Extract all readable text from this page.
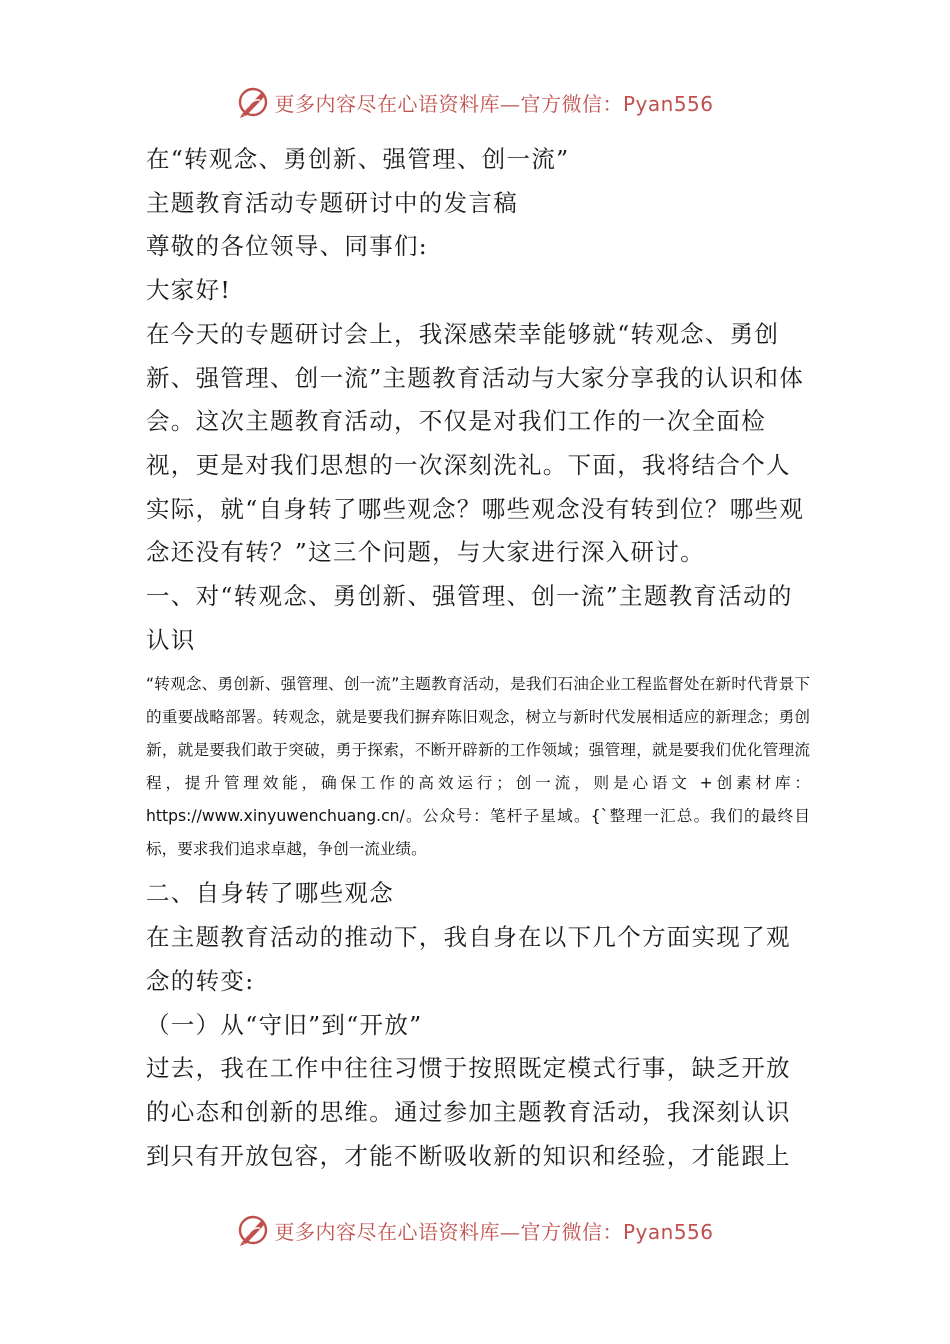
更多内容尽在心语资料库—官方微信：Pyan556

在“转观念、勇创新、强管理、创一流”

主题教育活动专题研讨中的发言稿

尊敬的各位领导、同事们:

大家好!

在今天的专题研讨会上，我深感荣幸能够就“转观念、勇创新、强管理、创一流”主题教育活动与大家分享我的认识和体会。这次主题教育活动，不仅是对我们工作的一次全面检视，更是对我们思想的一次深刻洗礼。下面，我将结合个人实际，就“自身转了哪些观念？哪些观念没有转到位？哪些观念还没有转？”这三个问题，与大家进行深入研讨。

一、对“转观念、勇创新、强管理、创一流”主题教育活动的认识

“转观念、勇创新、强管理、创一流”主题教育活动，是我们石油企业工程监督处在新时代背景下的重要战略部署。转观念，就是要我们摒弃陈旧观念，树立与新时代发展相适应的新理念；勇创新，就是要我们敢于突破，勇于探索，不断开辟新的工作领域；强管理，就是要我们优化管理流程，提升管理效能，确保工作的高效运行；创一流，则是心语文 +创素材库：https://www.xinyuwenchuang.cn/。公众号：笔杆子星域。{`整理一汇总。我们的最终目标，要求我们追求卓越，争创一流业绩。

二、自身转了哪些观念

在主题教育活动的推动下，我自身在以下几个方面实现了观念的转变:

（一）从“守旧”到“开放”

过去，我在工作中往往习惯于按照既定模式行事，缺乏开放的心态和创新的思维。通过参加主题教育活动，我深刻认识到只有开放包容，才能不断吸收新的知识和经验，才能跟上

更多内容尽在心语资料库—官方微信：Pyan556
